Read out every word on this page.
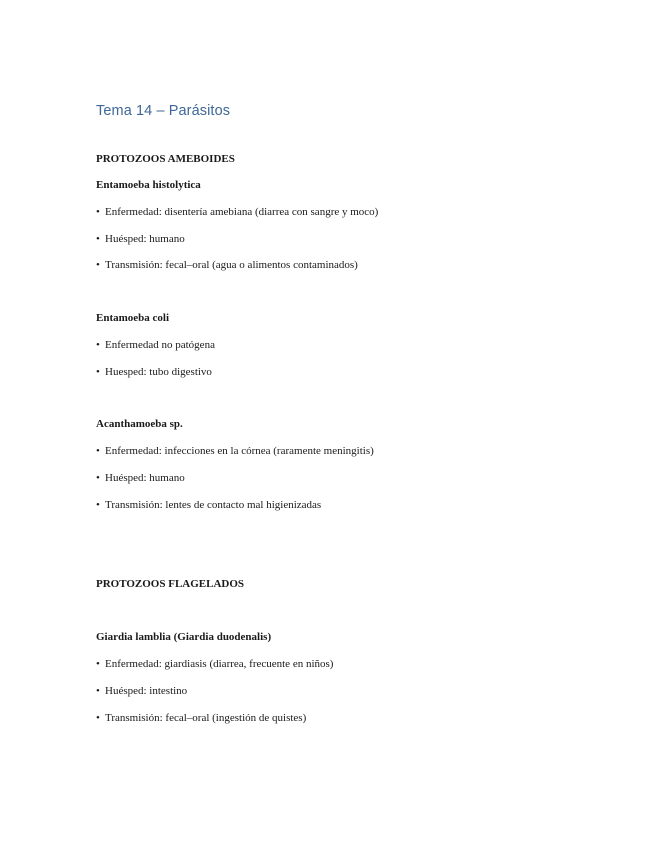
Tema 14 – Parásitos
PROTOZOOS AMEBOIDES
Entamoeba histolytica
• Enfermedad: disentería amebiana (diarrea con sangre y moco)
• Huésped: humano
• Transmisión: fecal–oral (agua o alimentos contaminados)
Entamoeba coli
• Enfermedad no patógena
• Huesped: tubo digestivo
Acanthamoeba sp.
• Enfermedad: infecciones en la córnea (raramente meningitis)
• Huésped: humano
• Transmisión: lentes de contacto mal higienizadas
PROTOZOOS FLAGELADOS
Giardia lamblia (Giardia duodenalis)
• Enfermedad: giardiasis (diarrea, frecuente en niños)
• Huésped: intestino
• Transmisión: fecal–oral (ingestión de quistes)
